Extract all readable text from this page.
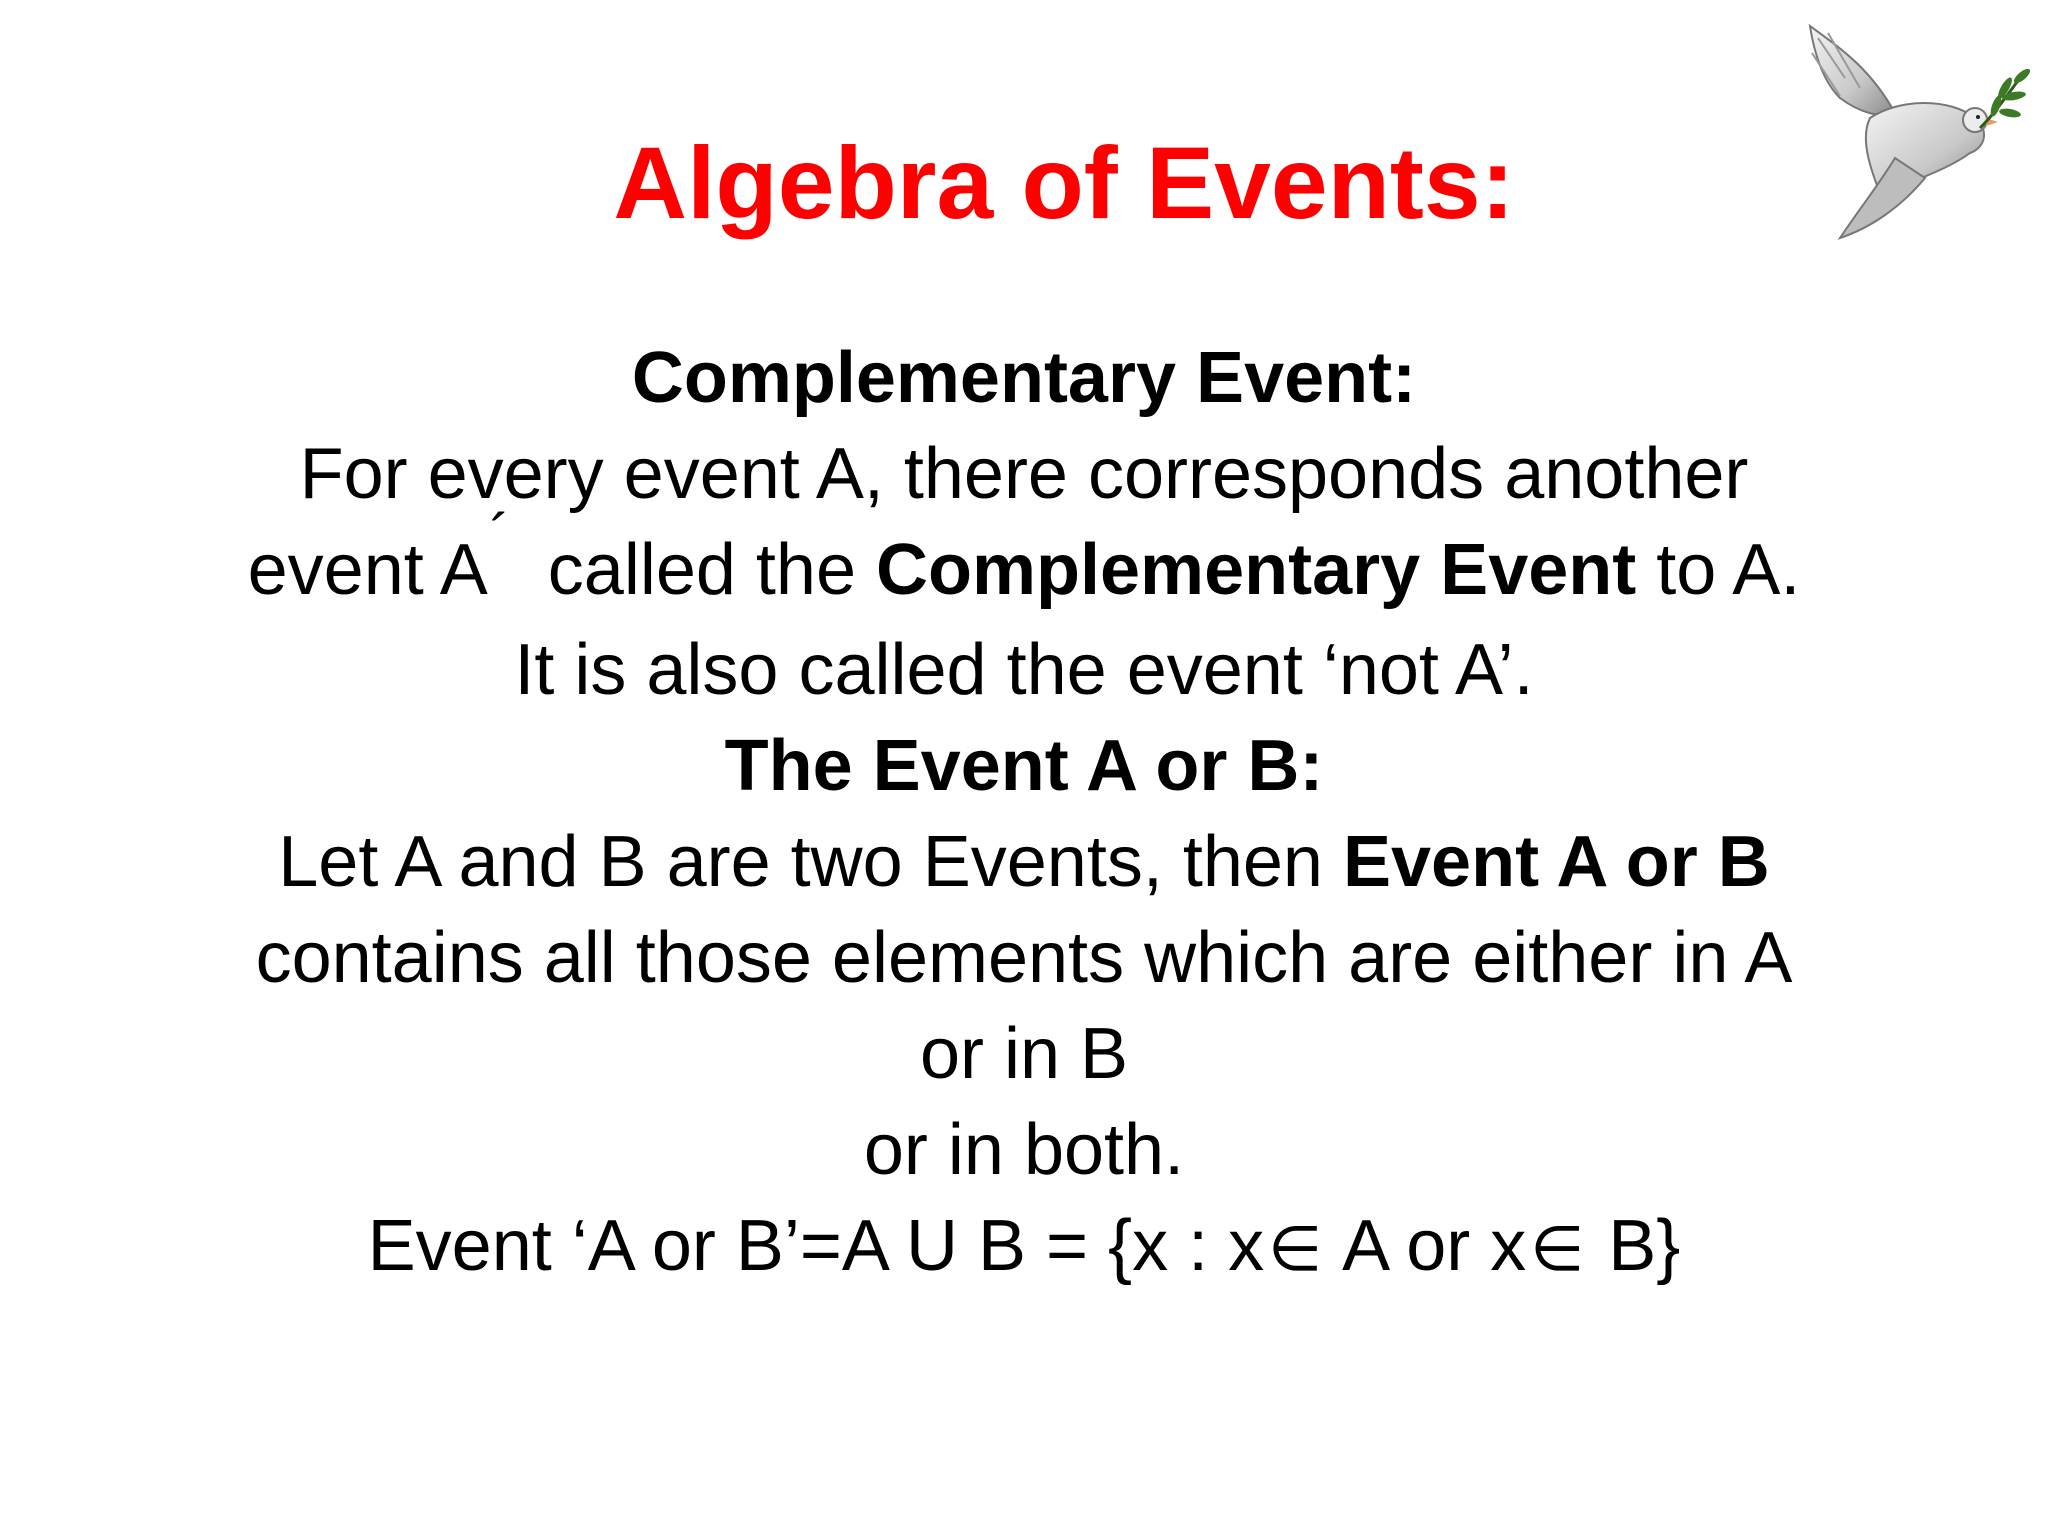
Algebra of Events:
Complementary Event:
For every event A, there corresponds another
event A´ called the Complementary Event to A.
It is also called the event ‘not A’.
The Event A or B:
Let A and B are two Events, then Event A or B
contains all those elements which are either in A
or in B
or in both.
Event ‘A or B’=A U B = {x : x∈ A or x∈ B}
